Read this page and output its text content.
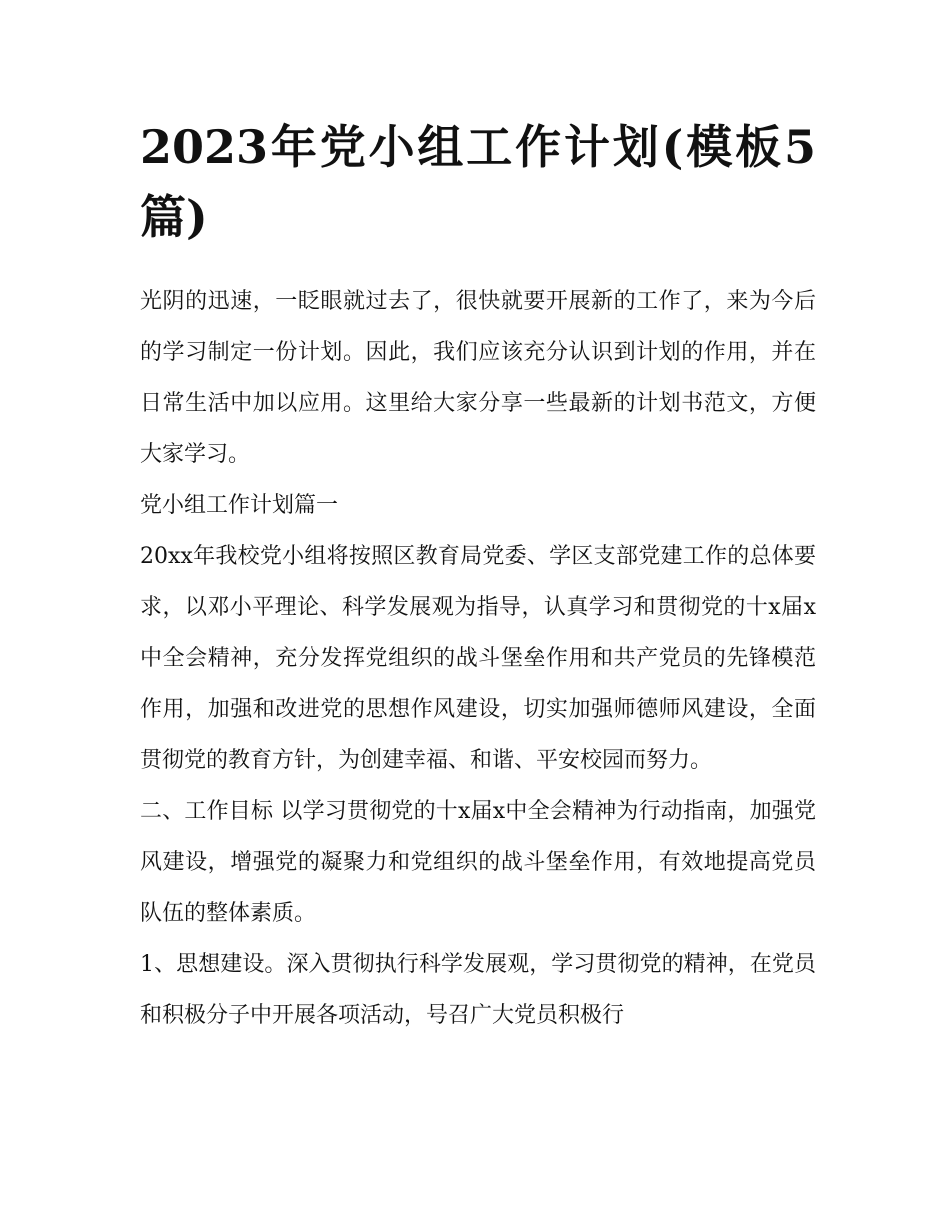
2023年党小组工作计划(模板5篇)

光阴的迅速，一眨眼就过去了，很快就要开展新的工作了，来为今后的学习制定一份计划。因此，我们应该充分认识到计划的作用，并在日常生活中加以应用。这里给大家分享一些最新的计划书范文，方便大家学习。

党小组工作计划篇一

20xx年我校党小组将按照区教育局党委、学区支部党建工作的总体要求，以邓小平理论、科学发展观为指导，认真学习和贯彻党的十x届x中全会精神，充分发挥党组织的战斗堡垒作用和共产党员的先锋模范作用，加强和改进党的思想作风建设，切实加强师德师风建设，全面贯彻党的教育方针，为创建幸福、和谐、平安校园而努力。

二、工作目标 以学习贯彻党的十x届x中全会精神为行动指南，加强党风建设，增强党的凝聚力和党组织的战斗堡垒作用，有效地提高党员队伍的整体素质。

1、思想建设。深入贯彻执行科学发展观，学习贯彻党的精神，在党员和积极分子中开展各项活动，号召广大党员积极行
